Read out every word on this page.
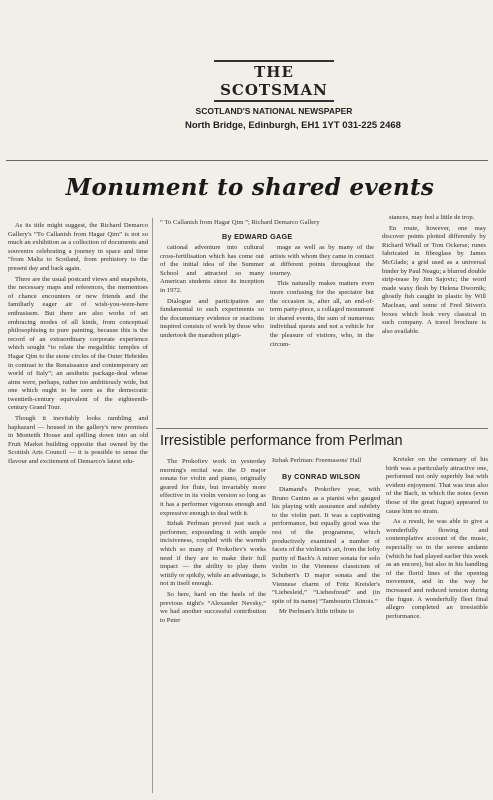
THE SCOTSMAN
SCOTLAND'S NATIONAL NEWSPAPER
North Bridge, Edinburgh, EH1 1YT 031-225 2468
Monument to shared events

As its title might suggest, the Richard Demarco Gallery's “To Callanish from Hagar Qim” is not so much an exhibition as a collection of documents and souvenirs celebrating a journey in space and time “from Malta to Scotland, from prehistory to the present day and back again.

There are the usual postcard views and snapshots, the necessary maps and references, the mementoes of chance encounters or new friends and the familiarly eager air of wish-you-were-here enthusiasm. But there are also works of art embracing modes of all kinds, from conceptual philosophising to pure painting, because this is the record of an extraordinary corporate experience which sought “to relate the megalithic temples of Hagar Qim to the stone circles of the Outer Hebrides in contrast to the Renaissance and contemporary art world of Italy”; an aesthetic package-deal whose aims were, perhaps, rather too ambitiously wide, but one which ought to be seen as the democratic twentieth-century equivalent of the eighteenth-century Grand Tour.

Though it inevitably looks rambling and haphazard — housed in the gallery's new premises in Monteith House and spilling down into an old Fruit Market building opposite that owned by the Scottish Arts Council — it is possible to sense the flavour and excitement of Demarco's latest edu-

“ To Callanish from Hagar Qim ”; Richard Demarco Gallery
By EDWARD GAGE

cational adventure into cultural cross-fertilisation which has come out of the initial idea of the Summer School and attracted so many American students since its inception in 1972.

Dialogue and participation are fundamental to such experiments so the documentary evidence or reactions inspired consists of work by those who undertook the marathon pilgri-

mage as well as by many of the artists with whom they came in contact at different points throughout the tourney.

This naturally makes matters even more confusing for the spectator but the occasion is, after all, an end-of-term party-piece, a collaged monument to shared events, the sum of numerous individual quests and not a vehicle for the pleasure of visitors, who, in the circum-

stances, may feel a little de trop.

En route, however, one may discover points plotted differently by Richard Whall or Tom Ockerse; runes fabricated in fibreglass by James McGlade; a grid used as a universal binder by Paul Neagu; a blurred double strip-tease by Jim Sajovic; the word made waxy flesh by Helena Dwornik; ghostly fish caught in plastic by Will Maclean, and some of Fred Stiven's boxes which look very classical in such company. A travel brochure is also available.

Irresistible performance from Perlman

The Prokofiev work in yesterday morning's recital was the D major sonata for violin and piano, originally geared for flute, but invariably more effective in its violin version so long as it has a performer vigorous enough and expressive enough to deal with it.

Itzhak Perlman proved just such a performer, expounding it with ample incisiveness, coupled with the warmth which so many of Prokofiev's works need if they are to make their full impact — the ability to play them wittily or spikily, while an advantage, is not in itself enough.

So here, hard on the heels of the previous night's “Alexander Nevsky,” we had another successful contribution to Peter

Itzhak Perlman: Freemasons' Hall
By CONRAD WILSON

Diamand's Prokofiev year, with Bruno Canino as a pianist who gauged his playing with assurance and subtlety to the violin part. It was a captivating performance, but equally good was the rest of the programme, which productively examined a number of facets of the violinist's art, from the lofty purity of Bach's A minor sonata for solo violin to the Viennese classicism of Schubert's D major sonata and the Viennese charm of Fritz Kreisler's “Liebesleid,” “Liebesfreud” and (in spite of its name) “Tambourin Chinois.”

Mr Perlman's little tribute to

Kreisler on the centenary of his birth was a particularly attractive one, performed not only superbly but with evident enjoyment. That was true also of the Bach, in which the notes (even those of the great fugue) appeared to cause him no strain.

As a result, he was able to give a wonderfully flowing and contemplative account of the music, especially so in the serene andante (which he had played earlier this week as an encore), but also in his handling of the florid lines of the opening movement, and in the way he increased and reduced tension during the fugue. A wonderfully fleet final allegro completed an irresistible performance.
